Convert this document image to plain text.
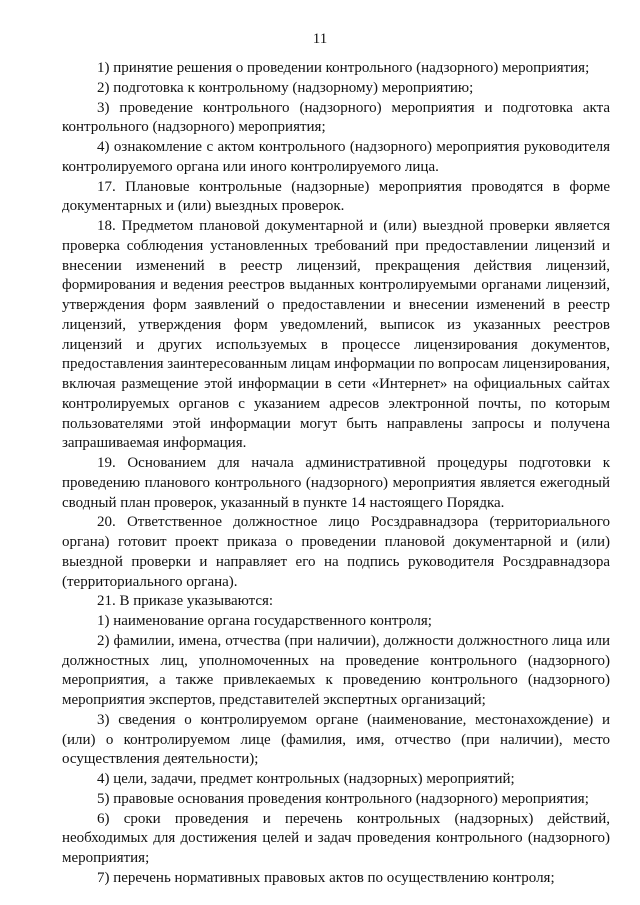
11

1) принятие решения о проведении контрольного (надзорного) мероприятия;

2) подготовка к контрольному (надзорному) мероприятию;

3) проведение контрольного (надзорного) мероприятия и подготовка акта контрольного (надзорного) мероприятия;

4) ознакомление с актом контрольного (надзорного) мероприятия руководителя контролируемого органа или иного контролируемого лица.

17. Плановые контрольные (надзорные) мероприятия проводятся в форме документарных и (или) выездных проверок.

18. Предметом плановой документарной и (или) выездной проверки является проверка соблюдения установленных требований при предоставлении лицензий и внесении изменений в реестр лицензий, прекращения действия лицензий, формирования и ведения реестров выданных контролируемыми органами лицензий, утверждения форм заявлений о предоставлении и внесении изменений в реестр лицензий, утверждения форм уведомлений, выписок из указанных реестров лицензий и других используемых в процессе лицензирования документов, предоставления заинтересованным лицам информации по вопросам лицензирования, включая размещение этой информации в сети «Интернет» на официальных сайтах контролируемых органов с указанием адресов электронной почты, по которым пользователями этой информации могут быть направлены запросы и получена запрашиваемая информация.

19. Основанием для начала административной процедуры подготовки к проведению планового контрольного (надзорного) мероприятия является ежегодный сводный план проверок, указанный в пункте 14 настоящего Порядка.

20. Ответственное должностное лицо Росздравнадзора (территориального органа) готовит проект приказа о проведении плановой документарной и (или) выездной проверки и направляет его на подпись руководителя Росздравнадзора (территориального органа).

21. В приказе указываются:

1) наименование органа государственного контроля;

2) фамилии, имена, отчества (при наличии), должности должностного лица или должностных лиц, уполномоченных на проведение контрольного (надзорного) мероприятия, а также привлекаемых к проведению контрольного (надзорного) мероприятия экспертов, представителей экспертных организаций;

3) сведения о контролируемом органе (наименование, местонахождение) и (или) о контролируемом лице (фамилия, имя, отчество (при наличии), место осуществления деятельности);

4) цели, задачи, предмет контрольных (надзорных) мероприятий;

5) правовые основания проведения контрольного (надзорного) мероприятия;

6) сроки проведения и перечень контрольных (надзорных) действий, необходимых для достижения целей и задач проведения контрольного (надзорного) мероприятия;

7) перечень нормативных правовых актов по осуществлению контроля;
